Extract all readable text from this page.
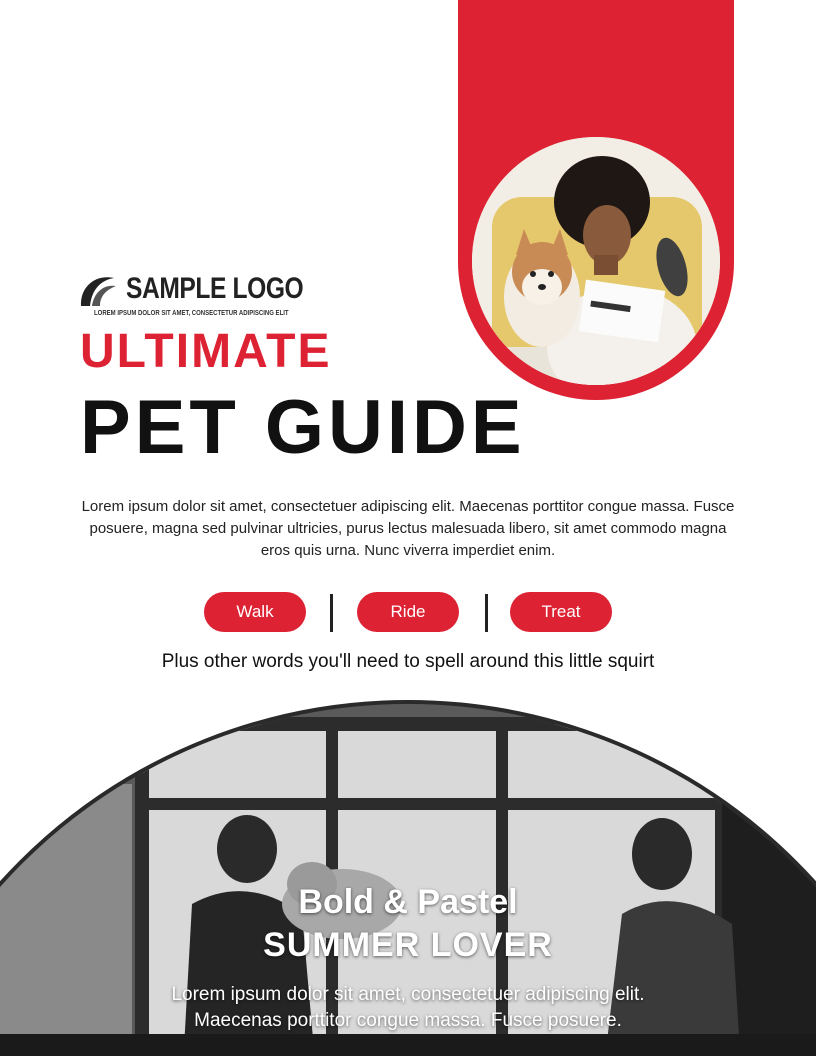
SAMPLE LOGO
LOREM IPSUM DOLOR SIT AMET, CONSECTETUR ADIPISCING ELIT
ULTIMATE
PET GUIDE

Lorem ipsum dolor sit amet, consectetuer adipiscing elit. Maecenas porttitor congue massa. Fusce posuere, magna sed pulvinar ultricies, purus lectus malesuada libero, sit amet commodo magna eros quis urna. Nunc viverra imperdiet enim.

Walk	Ride	Treat

Plus other words you'll need to spell around this little squirt

Bold & Pastel

SUMMER LOVER

Lorem ipsum dolor sit amet, consectetuer adipiscing elit.
Maecenas porttitor congue massa. Fusce posuere.
